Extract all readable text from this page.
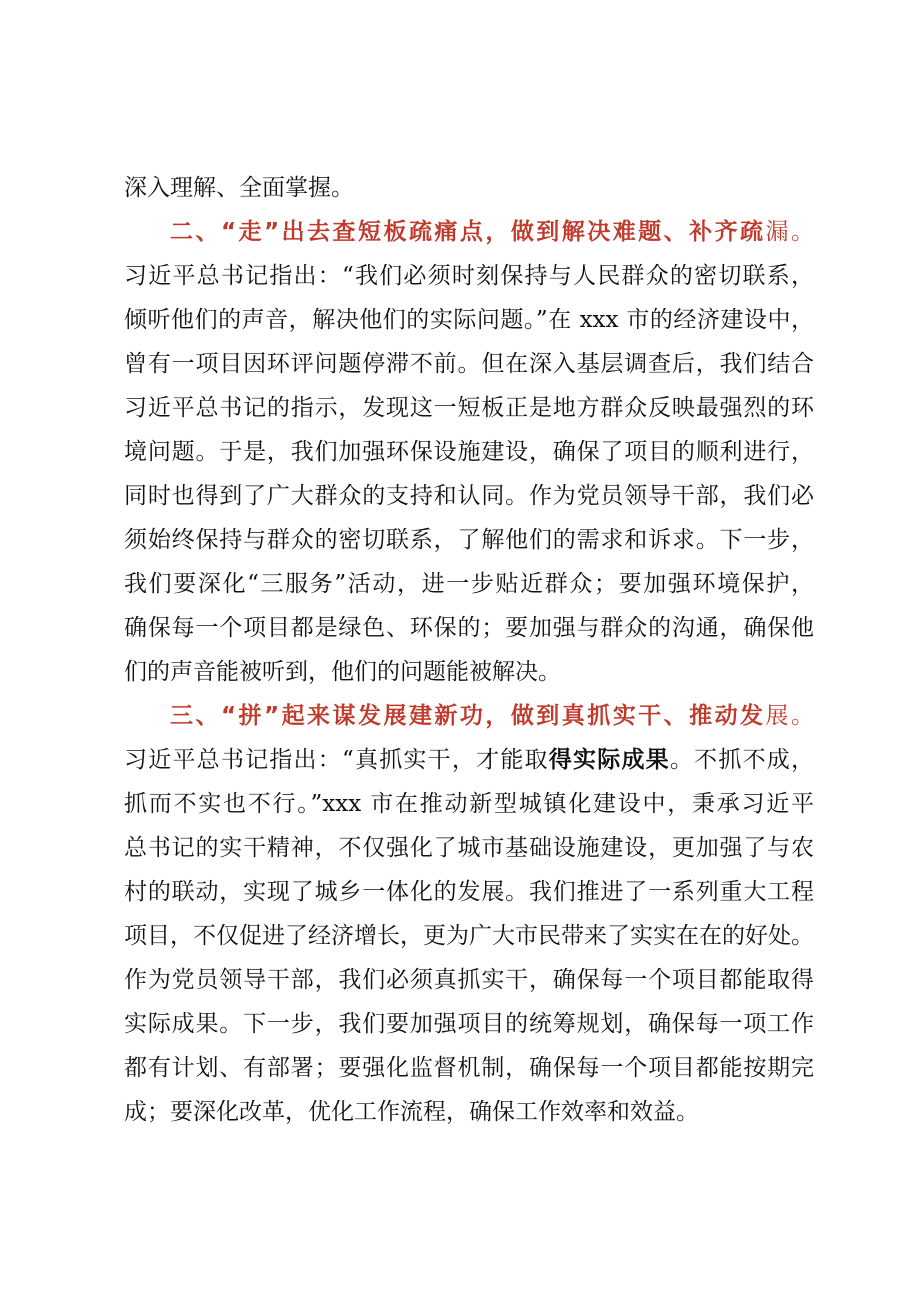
深入理解、全面掌握。
二、“走”出去查短板疏痛点，做到解决难题、补齐疏漏。
习近平总书记指出：“我们必须时刻保持与人民群众的密切联系，
倾听他们的声音，解决他们的实际问题。”在 xxx 市的经济建设中，
曾有一项目因环评问题停滞不前。但在深入基层调查后，我们结合
习近平总书记的指示，发现这一短板正是地方群众反映最强烈的环
境问题。于是，我们加强环保设施建设，确保了项目的顺利进行，
同时也得到了广大群众的支持和认同。作为党员领导干部，我们必
须始终保持与群众的密切联系，了解他们的需求和诉求。下一步，
我们要深化“三服务”活动，进一步贴近群众；要加强环境保护，
确保每一个项目都是绿色、环保的；要加强与群众的沟通，确保他
们的声音能被听到，他们的问题能被解决。
三、“拼”起来谋发展建新功，做到真抓实干、推动发展。
习近平总书记指出：“真抓实干，才能取得实际成果。不抓不成，
抓而不实也不行。”xxx 市在推动新型城镇化建设中，秉承习近平
总书记的实干精神，不仅强化了城市基础设施建设，更加强了与农
村的联动，实现了城乡一体化的发展。我们推进了一系列重大工程
项目，不仅促进了经济增长，更为广大市民带来了实实在在的好处。
作为党员领导干部，我们必须真抓实干，确保每一个项目都能取得
实际成果。下一步，我们要加强项目的统筹规划，确保每一项工作
都有计划、有部署；要强化监督机制，确保每一个项目都能按期完
成；要深化改革，优化工作流程，确保工作效率和效益。
